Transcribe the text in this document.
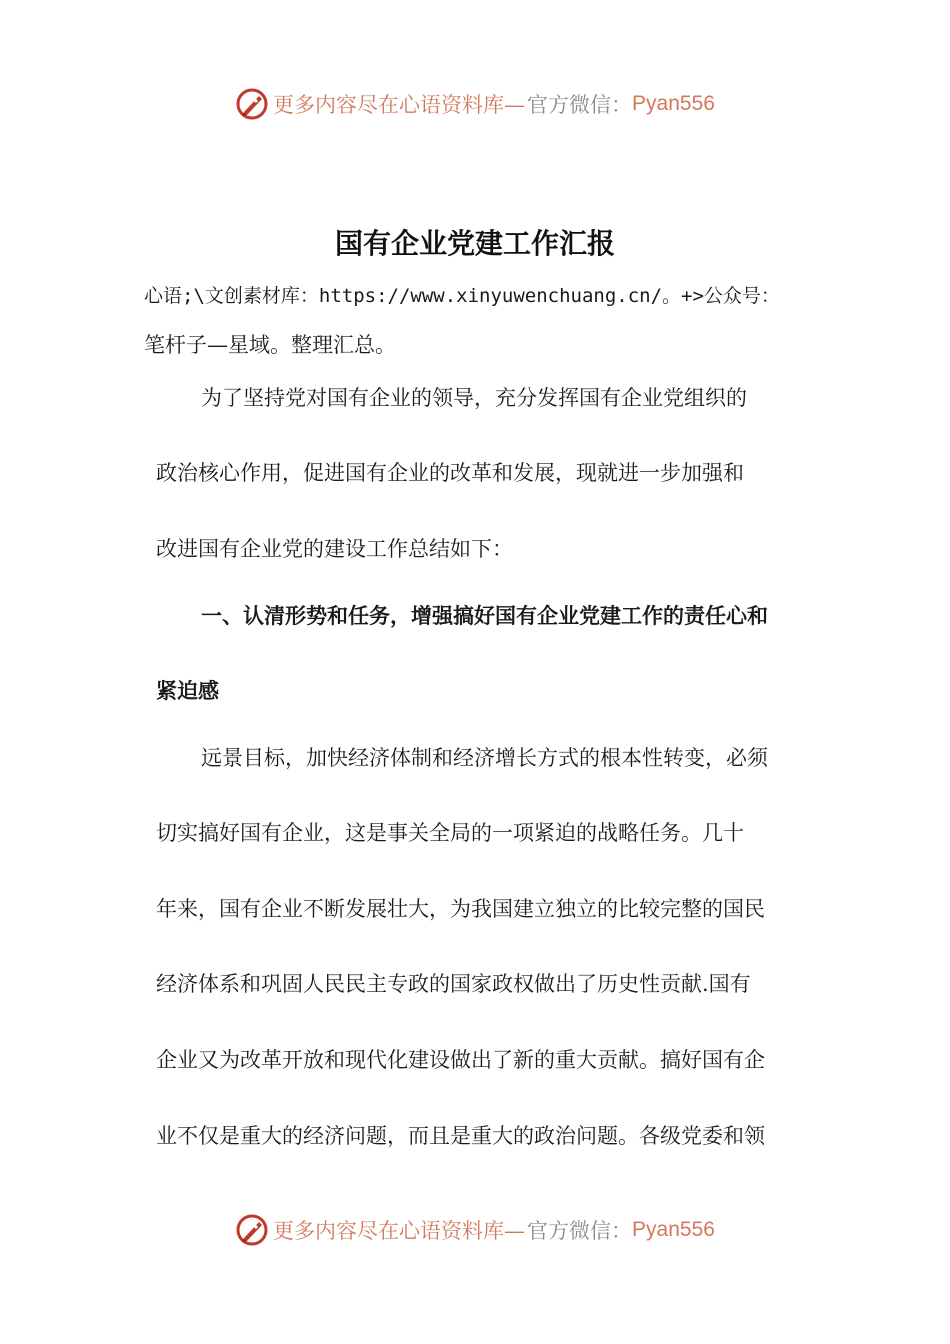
更多内容尽在心语资料库— 官方微信： Pyan556
国有企业党建工作汇报

心语;\文创素材库：https://www.xinyuwenchuang.cn/。+>公众号：

笔杆子—星域。整理汇总。

为了坚持党对国有企业的领导，充分发挥国有企业党组织的

政治核心作用，促进国有企业的改革和发展，现就进一步加强和

改进国有企业党的建设工作总结如下：

一、认清形势和任务，增强搞好国有企业党建工作的责任心和

紧迫感

远景目标，加快经济体制和经济增长方式的根本性转变，必须

切实搞好国有企业，这是事关全局的一项紧迫的战略任务。几十

年来，国有企业不断发展壮大，为我国建立独立的比较完整的国民

经济体系和巩固人民民主专政的国家政权做出了历史性贡献.国有

企业又为改革开放和现代化建设做出了新的重大贡献。搞好国有企

业不仅是重大的经济问题，而且是重大的政治问题。各级党委和领

更多内容尽在心语资料库— 官方微信： Pyan556
